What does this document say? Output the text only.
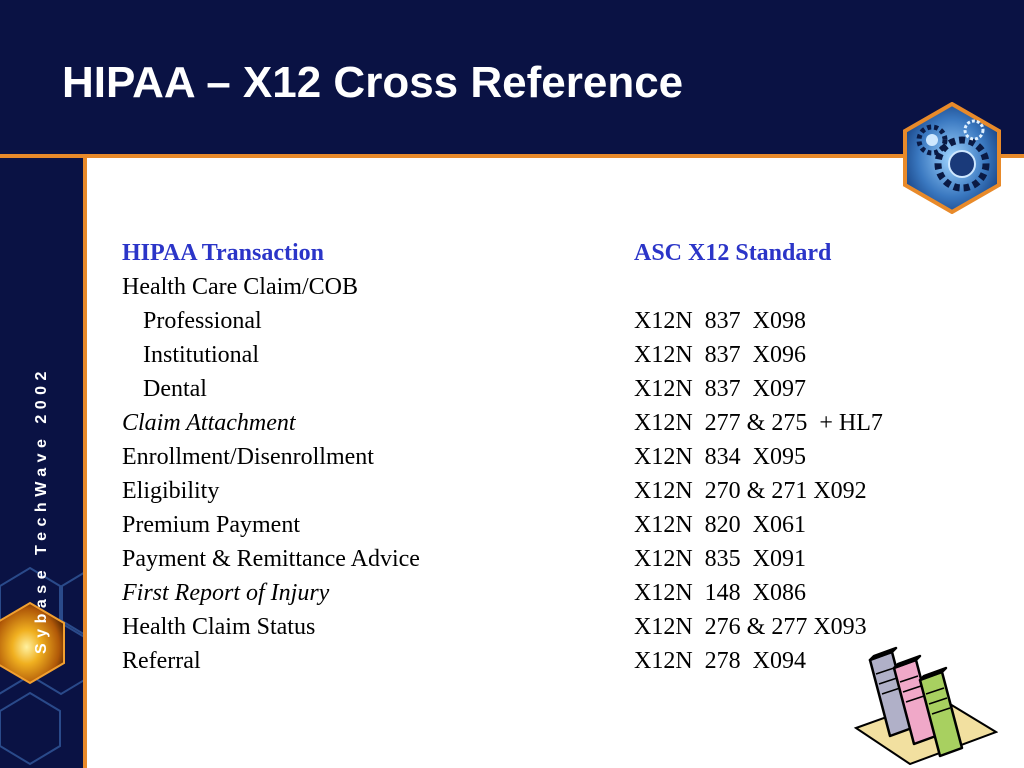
HIPAA – X12 Cross Reference
Sybase TechWave 2002
HIPAA Transaction	ASC X12 Standard
Health Care Claim/COB
Professional	X12N  837  X098
Institutional	X12N  837  X096
Dental	X12N  837  X097
Claim Attachment	X12N  277 & 275  + HL7
Enrollment/Disenrollment	X12N  834  X095
Eligibility	X12N  270 & 271 X092
Premium Payment	X12N  820  X061
Payment & Remittance Advice	X12N  835  X091
First Report of Injury	X12N  148  X086
Health Claim Status	X12N  276 & 277 X093
Referral	X12N  278  X094
